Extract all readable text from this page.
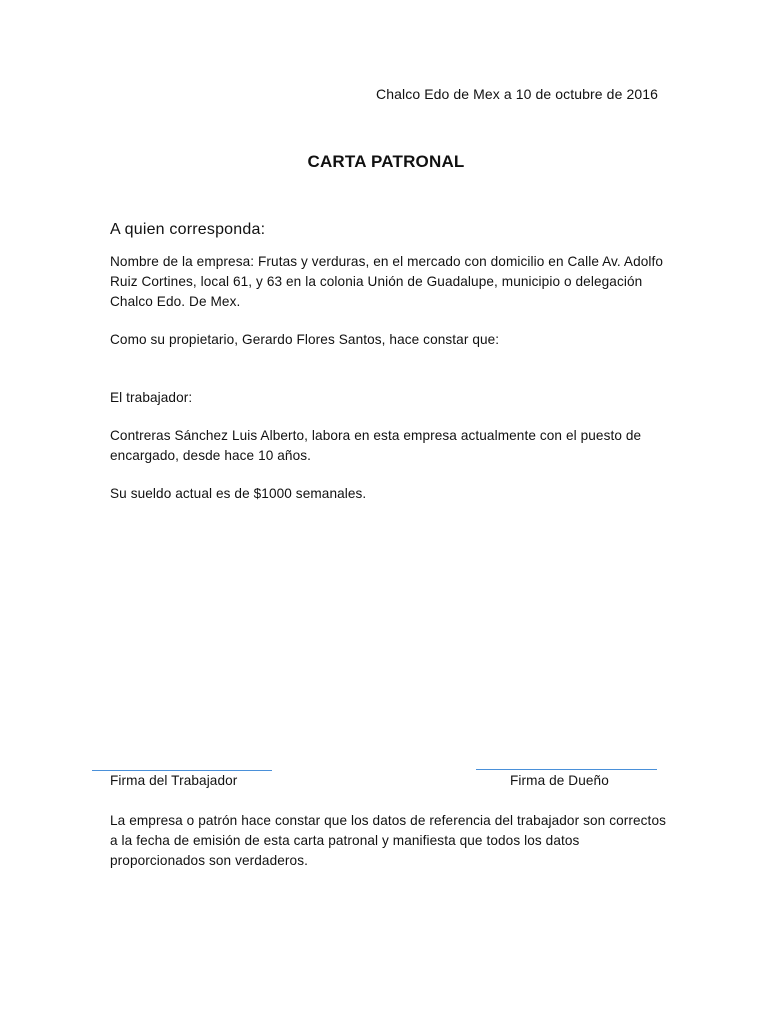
Chalco Edo de Mex a 10 de octubre de 2016
CARTA PATRONAL
A quien corresponda:

Nombre de la empresa: Frutas y verduras, en el mercado con domicilio en Calle Av. Adolfo Ruiz Cortines, local 61, y 63 en la colonia Unión de Guadalupe, municipio o delegación Chalco Edo. De Mex.

Como su propietario, Gerardo Flores Santos, hace constar que:

El trabajador:

Contreras Sánchez Luis Alberto, labora en esta empresa actualmente con el puesto de encargado, desde hace 10 años.

Su sueldo actual es de $1000 semanales.

Firma del Trabajador	Firma de Dueño

La empresa o patrón hace constar que los datos de referencia del trabajador son correctos a la fecha de emisión de esta carta patronal y manifiesta que todos los datos proporcionados son verdaderos.
